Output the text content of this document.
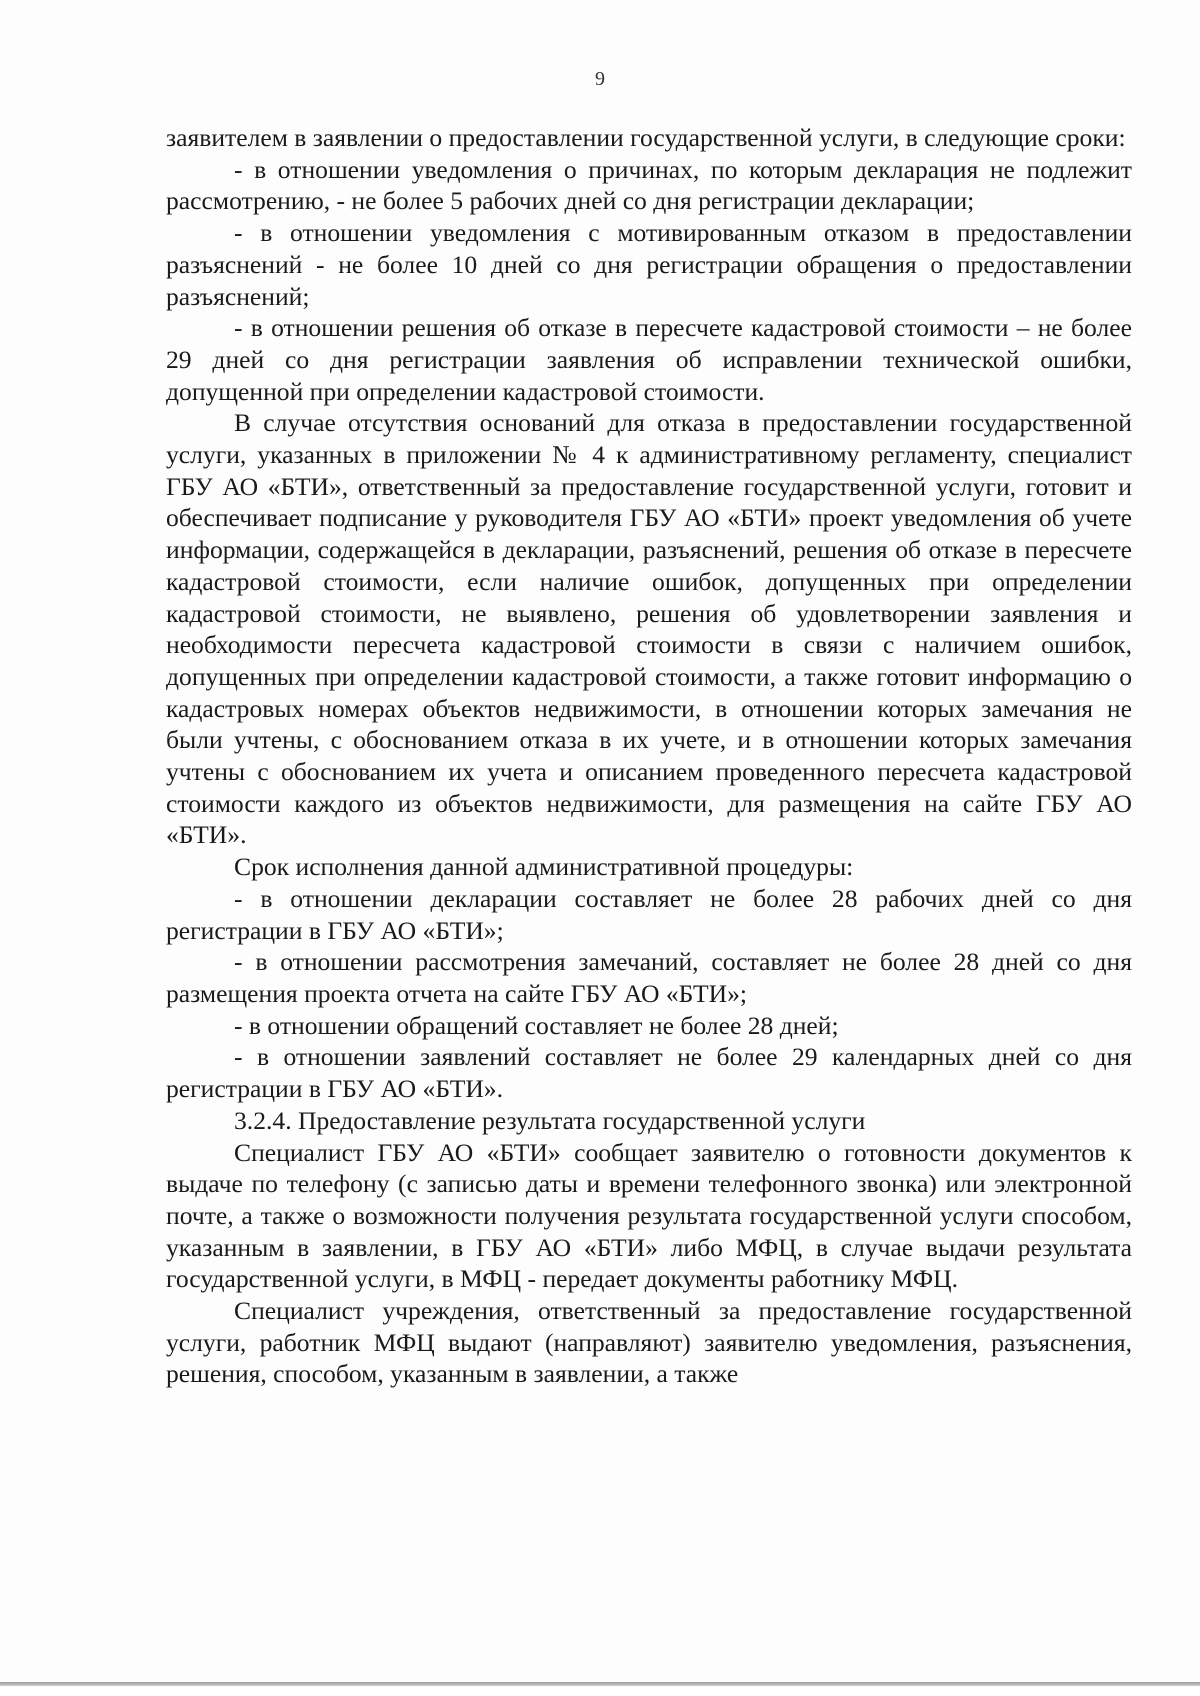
9

заявителем в заявлении о предоставлении государственной услуги, в следующие сроки:

- в отношении уведомления о причинах, по которым декларация не подлежит рассмотрению, - не более 5 рабочих дней со дня регистрации декларации;

- в отношении уведомления с мотивированным отказом в предоставлении разъяснений - не более 10 дней со дня регистрации обращения о предоставлении разъяснений;

- в отношении решения об отказе в пересчете кадастровой стоимости – не более 29 дней со дня регистрации заявления об исправлении технической ошибки, допущенной при определении кадастровой стоимости.

В случае отсутствия оснований для отказа в предоставлении государственной услуги, указанных в приложении № 4 к административному регламенту, специалист ГБУ АО «БТИ», ответственный за предоставление государственной услуги, готовит и обеспечивает подписание у руководителя ГБУ АО «БТИ» проект уведомления об учете информации, содержащейся в декларации, разъяснений, решения об отказе в пересчете кадастровой стоимости, если наличие ошибок, допущенных при определении кадастровой стоимости, не выявлено, решения об удовлетворении заявления и необходимости пересчета кадастровой стоимости в связи с наличием ошибок, допущенных при определении кадастровой стоимости, а также готовит информацию о кадастровых номерах объектов недвижимости, в отношении которых замечания не были учтены, с обоснованием отказа в их учете, и в отношении которых замечания учтены с обоснованием их учета и описанием проведенного пересчета кадастровой стоимости каждого из объектов недвижимости, для размещения на сайте ГБУ АО «БТИ».

Срок исполнения данной административной процедуры:

- в отношении декларации составляет не более 28 рабочих дней со дня регистрации в ГБУ АО «БТИ»;

- в отношении рассмотрения замечаний, составляет не более 28 дней со дня размещения проекта отчета на сайте ГБУ АО «БТИ»;

- в отношении обращений составляет не более 28 дней;

- в отношении заявлений составляет не более 29 календарных дней со дня регистрации в ГБУ АО «БТИ».

3.2.4. Предоставление результата государственной услуги

Специалист ГБУ АО «БТИ» сообщает заявителю о готовности документов к выдаче по телефону (с записью даты и времени телефонного звонка) или электронной почте, а также о возможности получения результата государственной услуги способом, указанным в заявлении, в ГБУ АО «БТИ» либо МФЦ, в случае выдачи результата государственной услуги, в МФЦ - передает документы работнику МФЦ.

Специалист учреждения, ответственный за предоставление государственной услуги, работник МФЦ выдают (направляют) заявителю уведомления, разъяснения, решения, способом, указанным в заявлении, а также
